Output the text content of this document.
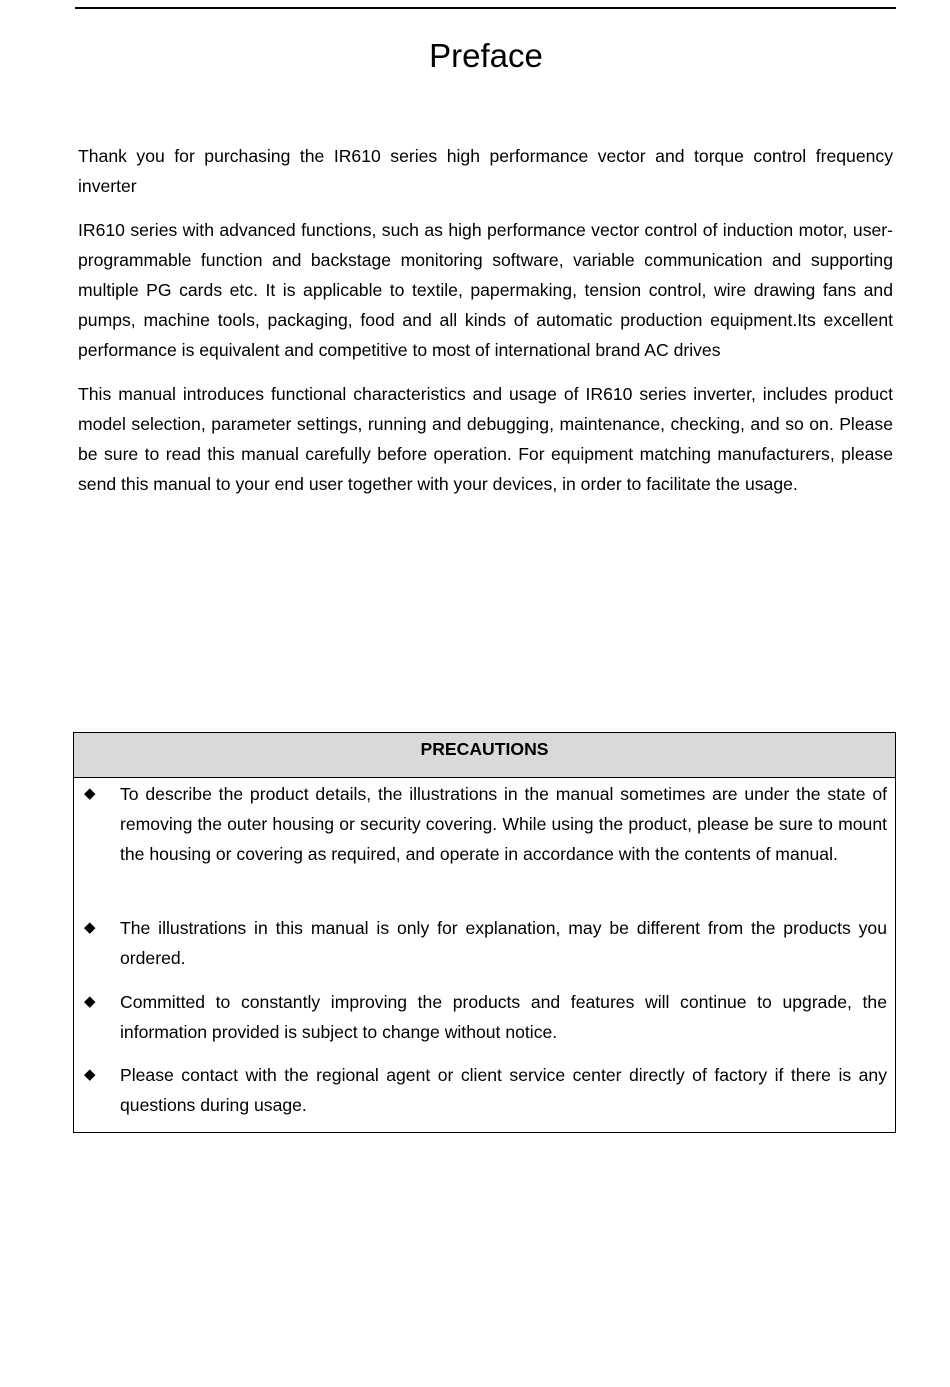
Preface

Thank you for purchasing the IR610 series high performance vector and torque control frequency inverter

IR610 series with advanced functions, such as high performance vector control of induction motor, user-programmable function and backstage monitoring software, variable communication and supporting multiple PG cards etc. It is applicable to textile, papermaking, tension control, wire drawing fans and pumps, machine tools, packaging, food and all kinds of automatic production equipment.Its excellent performance is equivalent and competitive to most of international brand AC drives

This manual introduces functional characteristics and usage of IR610 series inverter, includes product model selection, parameter settings, running and debugging, maintenance, checking, and so on. Please be sure to read this manual carefully before operation. For equipment matching manufacturers, please send this manual to your end user together with your devices, in order to facilitate the usage.

PRECAUTIONS
◆ To describe the product details, the illustrations in the manual sometimes are under the state of removing the outer housing or security covering. While using the product, please be sure to mount the housing or covering as required, and operate in accordance with the contents of manual.
◆ The illustrations in this manual is only for explanation, may be different from the products you ordered.
◆ Committed to constantly improving the products and features will continue to upgrade, the information provided is subject to change without notice.
◆ Please contact with the regional agent or client service center directly of factory if there is any questions during usage.
